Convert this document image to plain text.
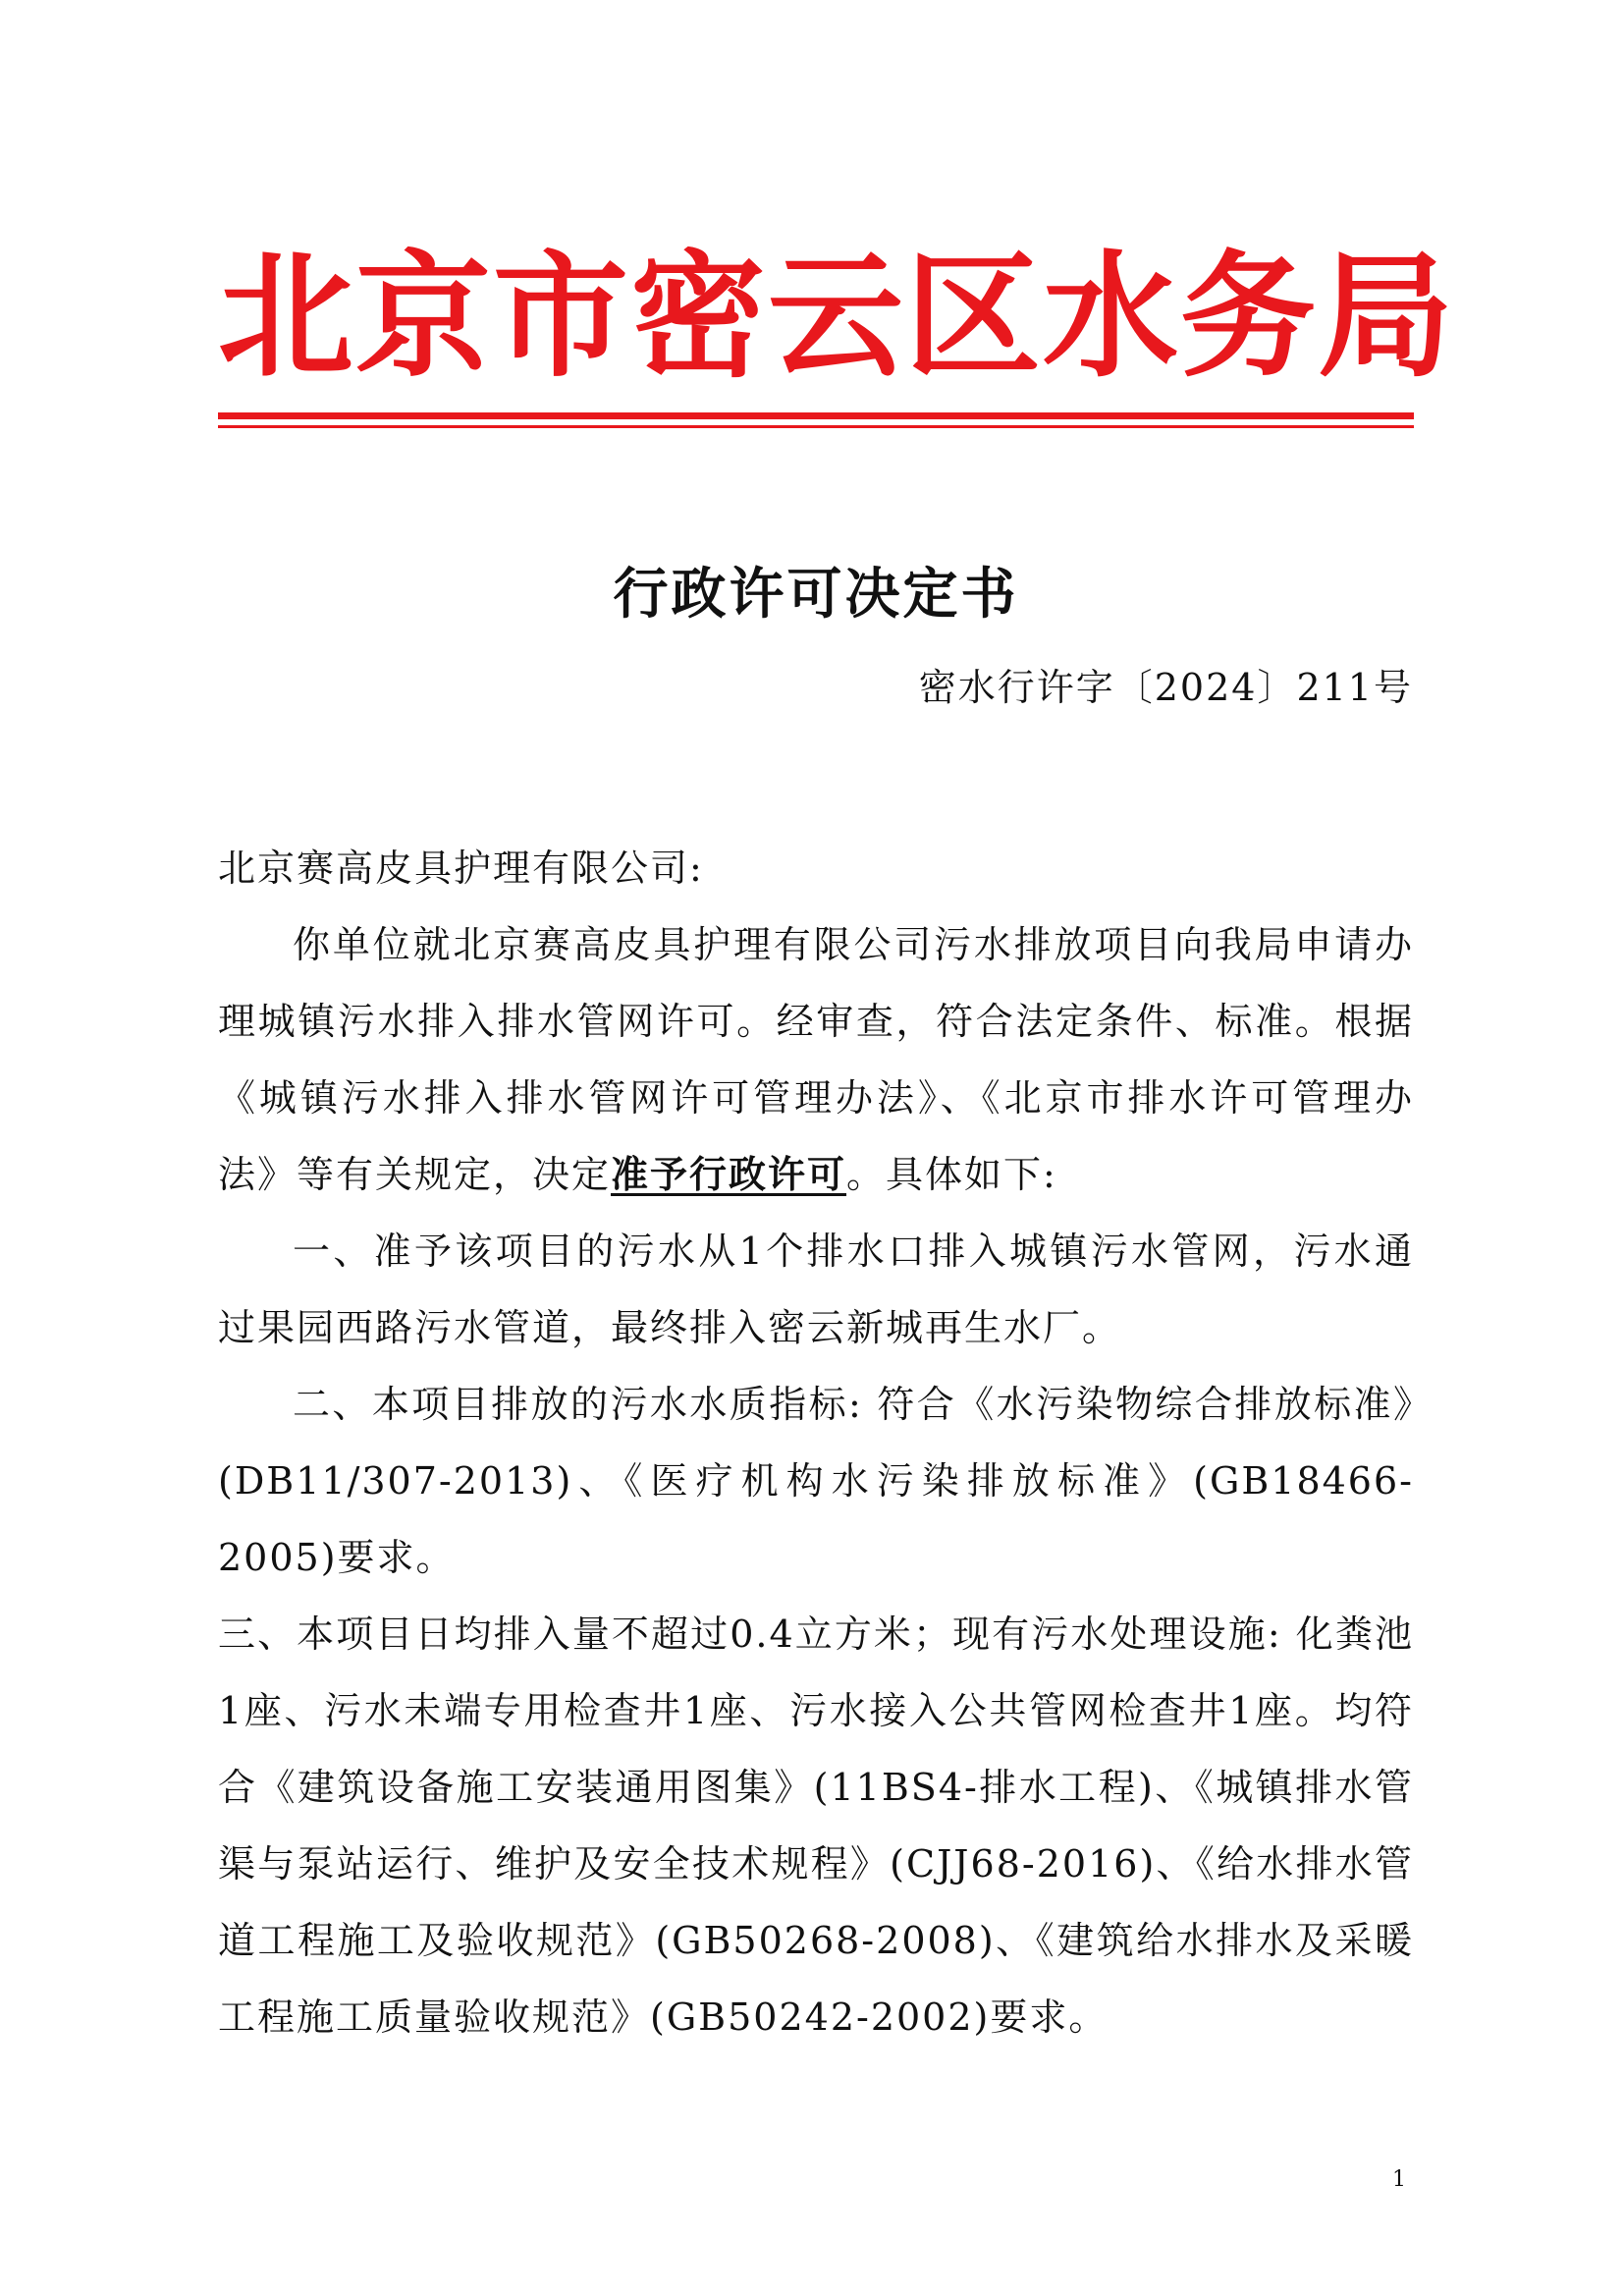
北京市密云区水务局
行政许可决定书
密水行许字〔2024〕211号

北京赛高皮具护理有限公司:

你单位就北京赛高皮具护理有限公司污水排放项目向我局申请办理城镇污水排入排水管网许可。经审查，符合法定条件、标准。根据《城镇污水排入排水管网许可管理办法》、《北京市排水许可管理办法》等有关规定，决定准予行政许可。具体如下:

一、准予该项目的污水从1个排水口排入城镇污水管网，污水通过果园西路污水管道，最终排入密云新城再生水厂。

二、本项目排放的污水水质指标: 符合《水污染物综合排放标准》(DB11/307-2013)、《医疗机构水污染排放标准》(GB18466-2005)要求。

三、本项目日均排入量不超过0.4立方米；现有污水处理设施: 化粪池1座、污水未端专用检查井1座、污水接入公共管网检查井1座。均符合《建筑设备施工安装通用图集》(11BS4-排水工程)、《城镇排水管渠与泵站运行、维护及安全技术规程》(CJJ68-2016)、《给水排水管道工程施工及验收规范》(GB50268-2008)、《建筑给水排水及采暖工程施工质量验收规范》(GB50242-2002)要求。

1
